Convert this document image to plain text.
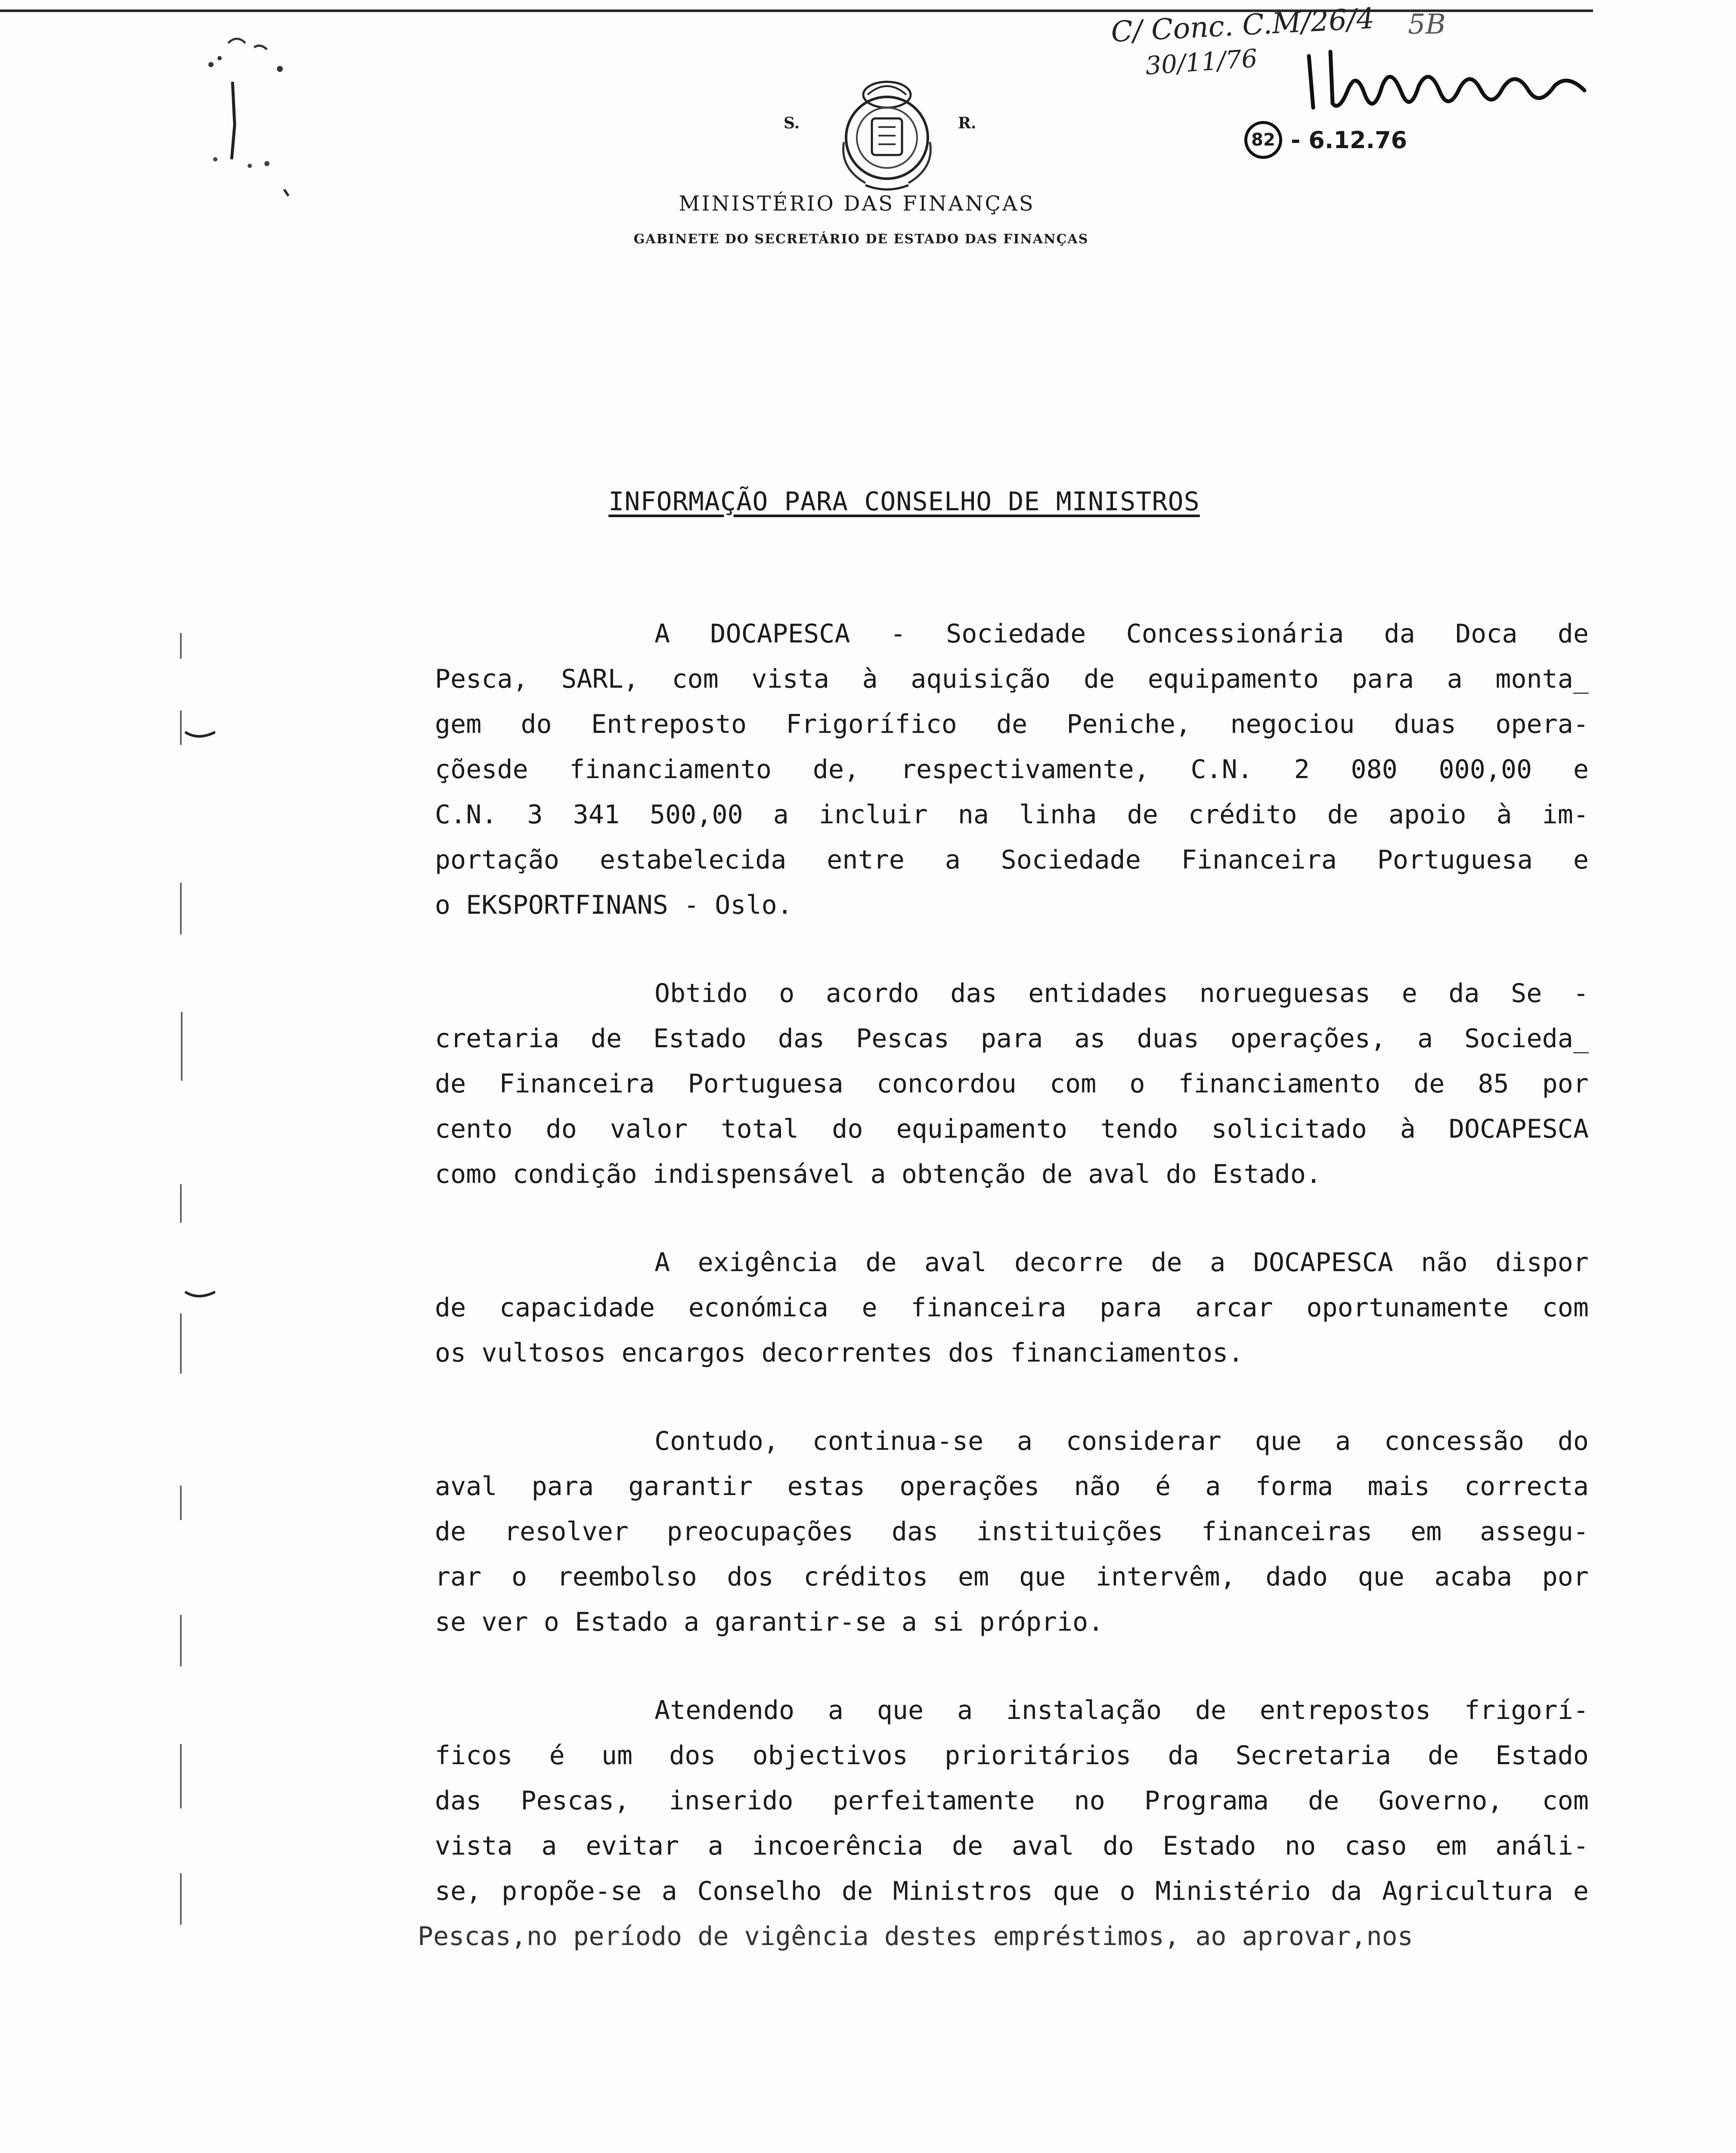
S.	R.
MINISTÉRIO DAS FINANÇAS
GABINETE DO SECRETÁRIO DE ESTADO DAS FINANÇAS
C/ Conc. C.M/26/4
30/11/76
5B
82 - 6.12.76
INFORMAÇÃO PARA CONSELHO DE MINISTROS

A DOCAPESCA - Sociedade Concessionária da Doca de
Pesca, SARL, com vista à aquisição de equipamento para a monta_
gem do Entreposto Frigorífico de Peniche, negociou duas opera-
çõesde financiamento de, respectivamente, C.N. 2 080 000,00 e
C.N. 3 341 500,00 a incluir na linha de crédito de apoio à im-
portação estabelecida entre a Sociedade Financeira Portuguesa e
o EKSPORTFINANS - Oslo.

Obtido o acordo das entidades norueguesas e da Se -
cretaria de Estado das Pescas para as duas operações, a Socieda_
de Financeira Portuguesa concordou com o financiamento de 85 por
cento do valor total do equipamento tendo solicitado à DOCAPESCA
como condição indispensável a obtenção de aval do Estado.

A exigência de aval decorre de a DOCAPESCA não dispor
de capacidade económica e financeira para arcar oportunamente com
os vultosos encargos decorrentes dos financiamentos.

Contudo, continua-se a considerar que a concessão do
aval para garantir estas operações não é a forma mais correcta
de resolver preocupações das instituições financeiras em assegu-
rar o reembolso dos créditos em que intervêm, dado que acaba por
se ver o Estado a garantir-se a si próprio.

Atendendo a que a instalação de entrepostos frigorí-
ficos é um dos objectivos prioritários da Secretaria de Estado
das Pescas, inserido perfeitamente no Programa de Governo, com
vista a evitar a incoerência de aval do Estado no caso em análi-
se, propõe-se a Conselho de Ministros que o Ministério da Agricultura e
Pescas,no período de vigência destes empréstimos, ao aprovar,nos
